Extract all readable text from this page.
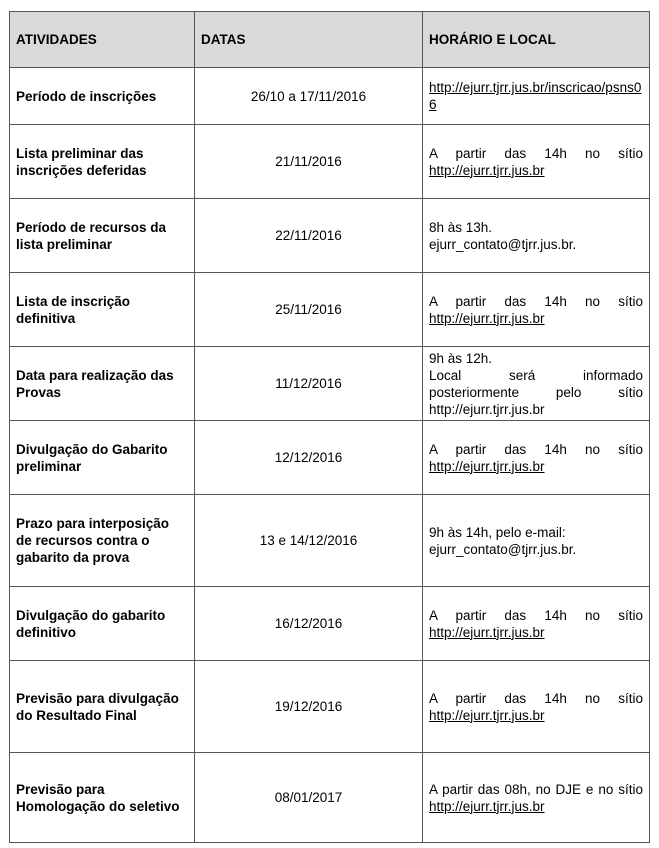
ATIVIDADES	DATAS	HORÁRIO E LOCAL
Período de inscrições	26/10 a 17/11/2016	http://ejurr.tjrr.jus.br/inscricao/psns06
Lista preliminar das inscrições deferidas	21/11/2016	A partir das 14h no sítio
http://ejurr.tjrr.jus.br
Período de recursos da lista preliminar	22/11/2016	8h às 13h.
ejurr_contato@tjrr.jus.br.

Lista de inscrição definitiva	25/11/2016	A partir das 14h no sítio
http://ejurr.tjrr.jus.br
Data para realização das Provas	11/12/2016	9h às 12h.
Local será informado posteriormente pelo sítio http://ejurr.tjrr.jus.br

Divulgação do Gabarito preliminar	12/12/2016	A partir das 14h no sítio
http://ejurr.tjrr.jus.br
Prazo para interposição de recursos contra o gabarito da prova	13 e 14/12/2016	9h às 14h, pelo e-mail:
ejurr_contato@tjrr.jus.br.

Divulgação do gabarito definitivo	16/12/2016	A partir das 14h no sítio
http://ejurr.tjrr.jus.br
Previsão para divulgação do Resultado Final	19/12/2016	A partir das 14h no sítio
http://ejurr.tjrr.jus.br
Previsão para Homologação do seletivo	08/01/2017	A partir das 08h, no DJE e no sítio
http://ejurr.tjrr.jus.br
